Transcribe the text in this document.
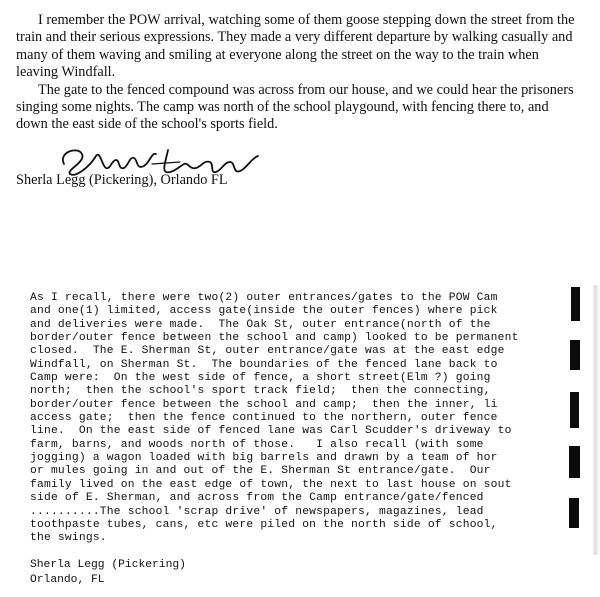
I remember the POW arrival, watching some of them goose stepping down the street from the train and their serious expressions. They made a very different departure by walking casually and many of them waving and smiling at everyone along the street on the way to the train when leaving Windfall.

The gate to the fenced compound was across from our house, and we could hear the prisoners singing some nights. The camp was north of the school playgound, with fencing there to, and down the east side of the school's sports field.

Sherla Legg (Pickering), Orlando FL
As I recall, there were two(2) outer entrances/gates to the POW Cam
and one(1) limited, access gate(inside the outer fences) where pick
and deliveries were made.  The Oak St, outer entrance(north of the
border/outer fence between the school and camp) looked to be permanent
closed.  The E. Sherman St, outer entrance/gate was at the east edge
Windfall, on Sherman St.  The boundaries of the fenced lane back to
Camp were:  On the west side of fence, a short street(Elm ?) going
north;  then the school's sport track field;  then the connecting,
border/outer fence between the school and camp;  then the inner, li
access gate;  then the fence continued to the northern, outer fence
line.  On the east side of fenced lane was Carl Scudder's driveway to
farm, barns, and woods north of those.   I also recall (with some
jogging) a wagon loaded with big barrels and drawn by a team of hor
or mules going in and out of the E. Sherman St entrance/gate.  Our
family lived on the east edge of town, the next to last house on sout
side of E. Sherman, and across from the Camp entrance/gate/fenced
..........The school 'scrap drive' of newspapers, magazines, lead
toothpaste tubes, cans, etc were piled on the north side of school,
the swings.
Sherla Legg (Pickering)
Orlando, FL
